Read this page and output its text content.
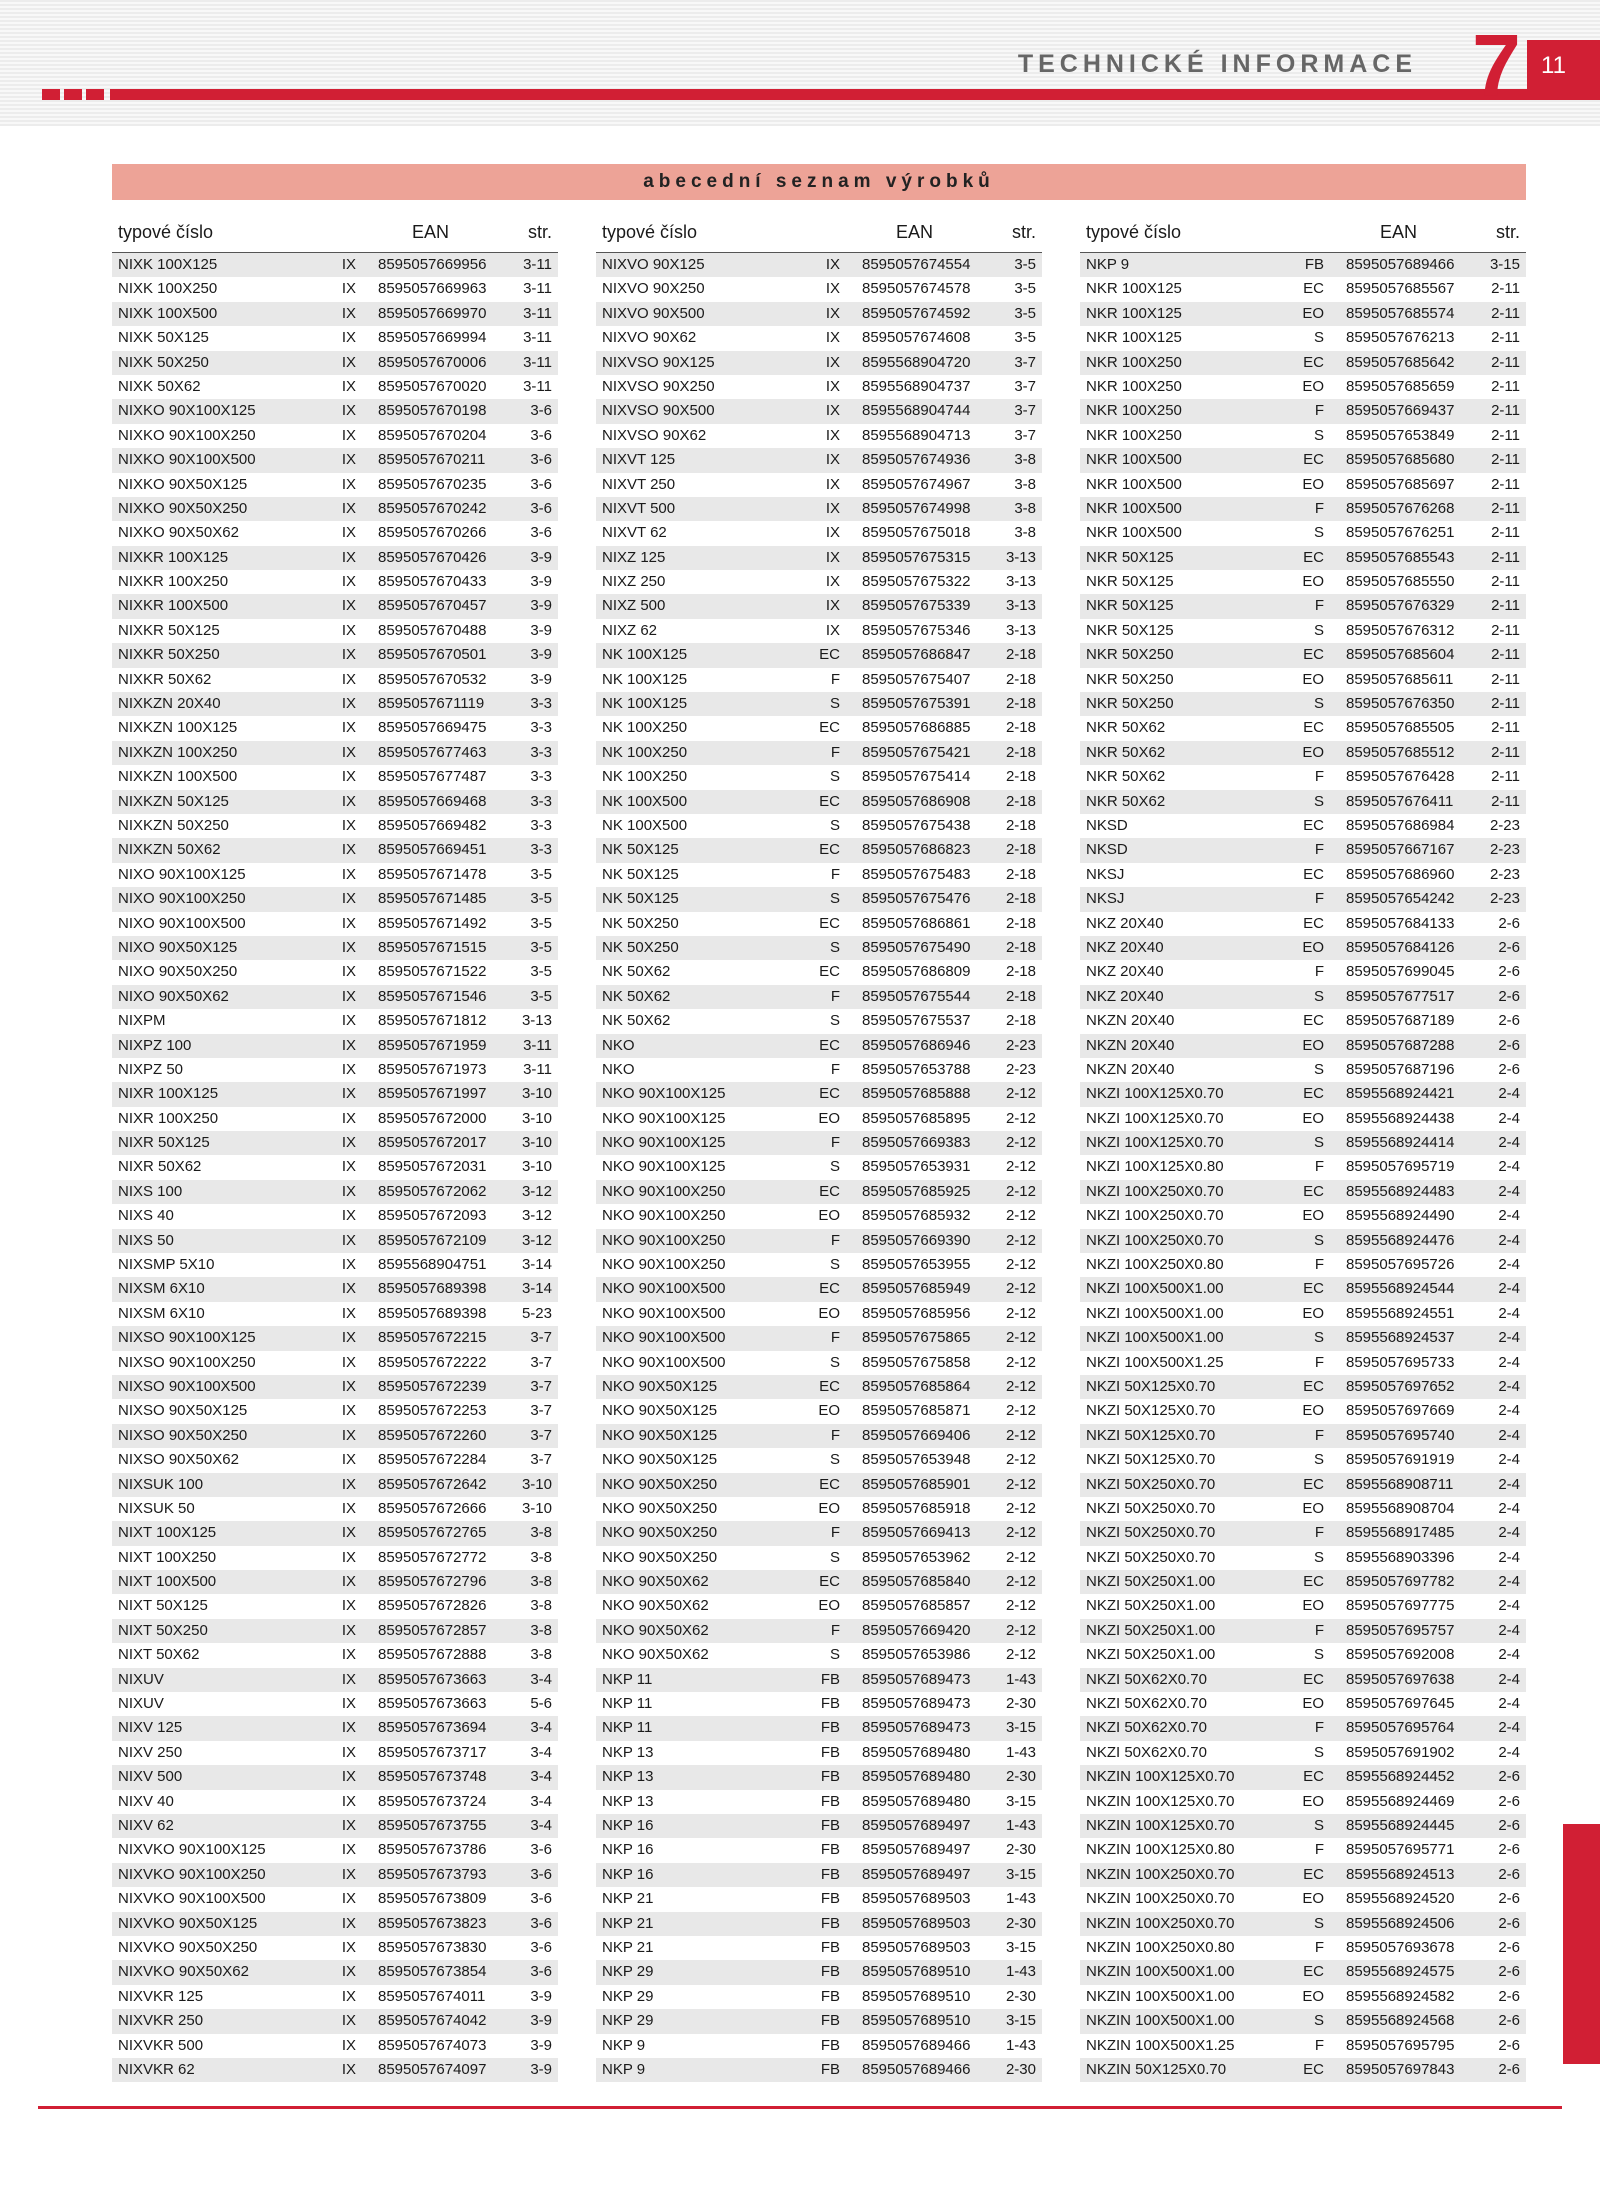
TECHNICKÉ INFORMACE 7 11
abecední seznam výrobků
typové číslo	EAN	str.
NIXK 100X125	IX 8595057669956 3-11
NIXK 100X250	IX 8595057669963 3-11
NIXK 100X500	IX 8595057669970 3-11
NIXK 50X125	IX 8595057669994 3-11
NIXK 50X250	IX 8595057670006 3-11
NIXK 50X62	IX 8595057670020 3-11
NIXKO 90X100X125	IX 8595057670198	3-6
NIXKO 90X100X250	IX 8595057670204	3-6
NIXKO 90X100X500	IX 8595057670211	3-6
NIXKO 90X50X125	IX 8595057670235	3-6
NIXKO 90X50X250	IX 8595057670242	3-6
NIXKO 90X50X62	IX 8595057670266	3-6
NIXKR 100X125	IX 8595057670426	3-9
NIXKR 100X250	IX 8595057670433	3-9
NIXKR 100X500	IX 8595057670457	3-9
NIXKR 50X125	IX 8595057670488	3-9
NIXKR 50X250	IX 8595057670501	3-9
NIXKR 50X62	IX 8595057670532	3-9
NIXKZN 20X40	IX 8595057671119	3-3
NIXKZN 100X125	IX 8595057669475	3-3
NIXKZN 100X250	IX 8595057677463	3-3
NIXKZN 100X500	IX 8595057677487	3-3
NIXKZN 50X125	IX 8595057669468	3-3
NIXKZN 50X250	IX 8595057669482	3-3
NIXKZN 50X62	IX 8595057669451	3-3
NIXO 90X100X125	IX 8595057671478	3-5
NIXO 90X100X250	IX 8595057671485	3-5
NIXO 90X100X500	IX 8595057671492	3-5
NIXO 90X50X125	IX 8595057671515	3-5
NIXO 90X50X250	IX 8595057671522	3-5
NIXO 90X50X62	IX 8595057671546	3-5
NIXPM	IX 8595057671812 3-13
NIXPZ 100	IX 8595057671959 3-11
NIXPZ 50	IX 8595057671973 3-11
NIXR 100X125	IX 8595057671997 3-10
NIXR 100X250	IX 8595057672000 3-10
NIXR 50X125	IX 8595057672017 3-10
NIXR 50X62	IX 8595057672031 3-10
NIXS 100	IX 8595057672062 3-12
NIXS 40	IX 8595057672093 3-12
NIXS 50	IX 8595057672109 3-12
NIXSMP 5X10	IX 8595568904751 3-14
NIXSM 6X10	IX 8595057689398 3-14
NIXSM 6X10	IX 8595057689398 5-23
NIXSO 90X100X125	IX 8595057672215	3-7
NIXSO 90X100X250	IX 8595057672222	3-7
NIXSO 90X100X500	IX 8595057672239	3-7
NIXSO 90X50X125	IX 8595057672253	3-7
NIXSO 90X50X250	IX 8595057672260	3-7
NIXSO 90X50X62	IX 8595057672284	3-7
NIXSUK 100	IX 8595057672642 3-10
NIXSUK 50	IX 8595057672666 3-10
NIXT 100X125	IX 8595057672765	3-8
NIXT 100X250	IX 8595057672772	3-8
NIXT 100X500	IX 8595057672796	3-8
NIXT 50X125	IX 8595057672826	3-8
NIXT 50X250	IX 8595057672857	3-8
NIXT 50X62	IX 8595057672888	3-8
NIXUV	IX 8595057673663	3-4
NIXUV	IX 8595057673663	5-6
NIXV 125	IX 8595057673694	3-4
NIXV 250	IX 8595057673717	3-4
NIXV 500	IX 8595057673748	3-4
NIXV 40	IX 8595057673724	3-4
NIXV 62	IX 8595057673755	3-4
NIXVKO 90X100X125	IX 8595057673786	3-6
NIXVKO 90X100X250	IX 8595057673793	3-6
NIXVKO 90X100X500	IX 8595057673809	3-6
NIXVKO 90X50X125	IX 8595057673823	3-6
NIXVKO 90X50X250	IX 8595057673830	3-6
NIXVKO 90X50X62	IX 8595057673854	3-6
NIXVKR 125	IX 8595057674011	3-9
NIXVKR 250	IX 8595057674042	3-9
NIXVKR 500	IX 8595057674073	3-9
NIXVKR 62	IX 8595057674097	3-9
typové číslo	EAN	str.
NIXVO 90X125	IX 8595057674554	3-5
NIXVO 90X250	IX 8595057674578	3-5
NIXVO 90X500	IX 8595057674592	3-5
NIXVO 90X62	IX 8595057674608	3-5
NIXVSO 90X125	IX 8595568904720	3-7
NIXVSO 90X250	IX 8595568904737	3-7
NIXVSO 90X500	IX 8595568904744	3-7
NIXVSO 90X62	IX 8595568904713	3-7
NIXVT 125	IX 8595057674936	3-8
NIXVT 250	IX 8595057674967	3-8
NIXVT 500	IX 8595057674998	3-8
NIXVT 62	IX 8595057675018	3-8
NIXZ 125	IX 8595057675315 3-13
NIXZ 250	IX 8595057675322 3-13
NIXZ 500	IX 8595057675339 3-13
NIXZ 62	IX 8595057675346 3-13
NK 100X125	EC 8595057686847 2-18
NK 100X125	F 8595057675407 2-18
NK 100X125	S 8595057675391 2-18
NK 100X250	EC 8595057686885 2-18
NK 100X250	F 8595057675421 2-18
NK 100X250	S 8595057675414 2-18
NK 100X500	EC 8595057686908 2-18
NK 100X500	S 8595057675438 2-18
NK 50X125	EC 8595057686823 2-18
NK 50X125	F 8595057675483 2-18
NK 50X125	S 8595057675476 2-18
NK 50X250	EC 8595057686861 2-18
NK 50X250	S 8595057675490 2-18
NK 50X62	EC 8595057686809 2-18
NK 50X62	F 8595057675544 2-18
NK 50X62	S 8595057675537 2-18
NKO	EC 8595057686946 2-23
NKO	F 8595057653788 2-23
NKO 90X100X125	EC 8595057685888 2-12
NKO 90X100X125	EO 8595057685895 2-12
NKO 90X100X125	F 8595057669383 2-12
NKO 90X100X125	S 8595057653931 2-12
NKO 90X100X250	EC 8595057685925 2-12
NKO 90X100X250	EO 8595057685932 2-12
NKO 90X100X250	F 8595057669390 2-12
NKO 90X100X250	S 8595057653955 2-12
NKO 90X100X500	EC 8595057685949 2-12
NKO 90X100X500	EO 8595057685956 2-12
NKO 90X100X500	F 8595057675865 2-12
NKO 90X100X500	S 8595057675858 2-12
NKO 90X50X125	EC 8595057685864 2-12
NKO 90X50X125	EO 8595057685871 2-12
NKO 90X50X125	F 8595057669406 2-12
NKO 90X50X125	S 8595057653948 2-12
NKO 90X50X250	EC 8595057685901 2-12
NKO 90X50X250	EO 8595057685918 2-12
NKO 90X50X250	F 8595057669413 2-12
NKO 90X50X250	S 8595057653962 2-12
NKO 90X50X62	EC 8595057685840 2-12
NKO 90X50X62	EO 8595057685857 2-12
NKO 90X50X62	F 8595057669420 2-12
NKO 90X50X62	S 8595057653986 2-12
NKP 11	FB 8595057689473 1-43
NKP 11	FB 8595057689473 2-30
NKP 11	FB 8595057689473 3-15
NKP 13	FB 8595057689480 1-43
NKP 13	FB 8595057689480 2-30
NKP 13	FB 8595057689480 3-15
NKP 16	FB 8595057689497 1-43
NKP 16	FB 8595057689497 2-30
NKP 16	FB 8595057689497 3-15
NKP 21	FB 8595057689503 1-43
NKP 21	FB 8595057689503 2-30
NKP 21	FB 8595057689503 3-15
NKP 29	FB 8595057689510 1-43
NKP 29	FB 8595057689510 2-30
NKP 29	FB 8595057689510 3-15
NKP 9	FB 8595057689466 1-43
NKP 9	FB 8595057689466 2-30
typové číslo	EAN	str.
NKP 9	FB 8595057689466 3-15
NKR 100X125	EC 8595057685567 2-11
NKR 100X125	EO 8595057685574 2-11
NKR 100X125	S 8595057676213 2-11
NKR 100X250	EC 8595057685642 2-11
NKR 100X250	EO 8595057685659 2-11
NKR 100X250	F 8595057669437 2-11
NKR 100X250	S 8595057653849 2-11
NKR 100X500	EC 8595057685680 2-11
NKR 100X500	EO 8595057685697 2-11
NKR 100X500	F 8595057676268 2-11
NKR 100X500	S 8595057676251 2-11
NKR 50X125	EC 8595057685543 2-11
NKR 50X125	EO 8595057685550 2-11
NKR 50X125	F 8595057676329 2-11
NKR 50X125	S 8595057676312 2-11
NKR 50X250	EC 8595057685604 2-11
NKR 50X250	EO 8595057685611	2-11
NKR 50X250	S 8595057676350 2-11
NKR 50X62	EC 8595057685505 2-11
NKR 50X62	EO 8595057685512 2-11
NKR 50X62	F 8595057676428 2-11
NKR 50X62	S 8595057676411	2-11
NKSD	EC 8595057686984 2-23
NKSD	F 8595057667167 2-23
NKSJ	EC 8595057686960 2-23
NKSJ	F 8595057654242 2-23
NKZ 20X40	EC 8595057684133	2-6
NKZ 20X40	EO 8595057684126	2-6
NKZ 20X40	F 8595057699045	2-6
NKZ 20X40	S 8595057677517	2-6
NKZN 20X40	EC 8595057687189	2-6
NKZN 20X40	EO 8595057687288	2-6
NKZN 20X40	S 8595057687196	2-6
NKZI 100X125X0.70	EC 8595568924421	2-4
NKZI 100X125X0.70	EO 8595568924438	2-4
NKZI 100X125X0.70	S 8595568924414	2-4
NKZI 100X125X0.80	F 8595057695719	2-4
NKZI 100X250X0.70	EC 8595568924483	2-4
NKZI 100X250X0.70	EO 8595568924490	2-4
NKZI 100X250X0.70	S 8595568924476	2-4
NKZI 100X250X0.80	F 8595057695726	2-4
NKZI 100X500X1.00	EC 8595568924544	2-4
NKZI 100X500X1.00	EO 8595568924551	2-4
NKZI 100X500X1.00	S 8595568924537	2-4
NKZI 100X500X1.25	F 8595057695733	2-4
NKZI 50X125X0.70	EC 8595057697652	2-4
NKZI 50X125X0.70	EO 8595057697669	2-4
NKZI 50X125X0.70	F 8595057695740	2-4
NKZI 50X125X0.70	S 8595057691919	2-4
NKZI 50X250X0.70	EC 8595568908711	2-4
NKZI 50X250X0.70	EO 8595568908704	2-4
NKZI 50X250X0.70	F 8595568917485	2-4
NKZI 50X250X0.70	S 8595568903396	2-4
NKZI 50X250X1.00	EC 8595057697782	2-4
NKZI 50X250X1.00	EO 8595057697775	2-4
NKZI 50X250X1.00	F 8595057695757	2-4
NKZI 50X250X1.00	S 8595057692008	2-4
NKZI 50X62X0.70	EC 8595057697638	2-4
NKZI 50X62X0.70	EO 8595057697645	2-4
NKZI 50X62X0.70	F 8595057695764	2-4
NKZI 50X62X0.70	S 8595057691902	2-4
NKZIN 100X125X0.70	EC 8595568924452	2-6
NKZIN 100X125X0.70	EO 8595568924469	2-6
NKZIN 100X125X0.70	S 8595568924445	2-6
NKZIN 100X125X0.80	F 8595057695771	2-6
NKZIN 100X250X0.70	EC 8595568924513	2-6
NKZIN 100X250X0.70	EO 8595568924520	2-6
NKZIN 100X250X0.70	S 8595568924506	2-6
NKZIN 100X250X0.80	F 8595057693678	2-6
NKZIN 100X500X1.00	EC 8595568924575	2-6
NKZIN 100X500X1.00	EO 8595568924582	2-6
NKZIN 100X500X1.00	S 8595568924568	2-6
NKZIN 100X500X1.25	F 8595057695795	2-6
NKZIN 50X125X0.70	EC 8595057697843	2-6
